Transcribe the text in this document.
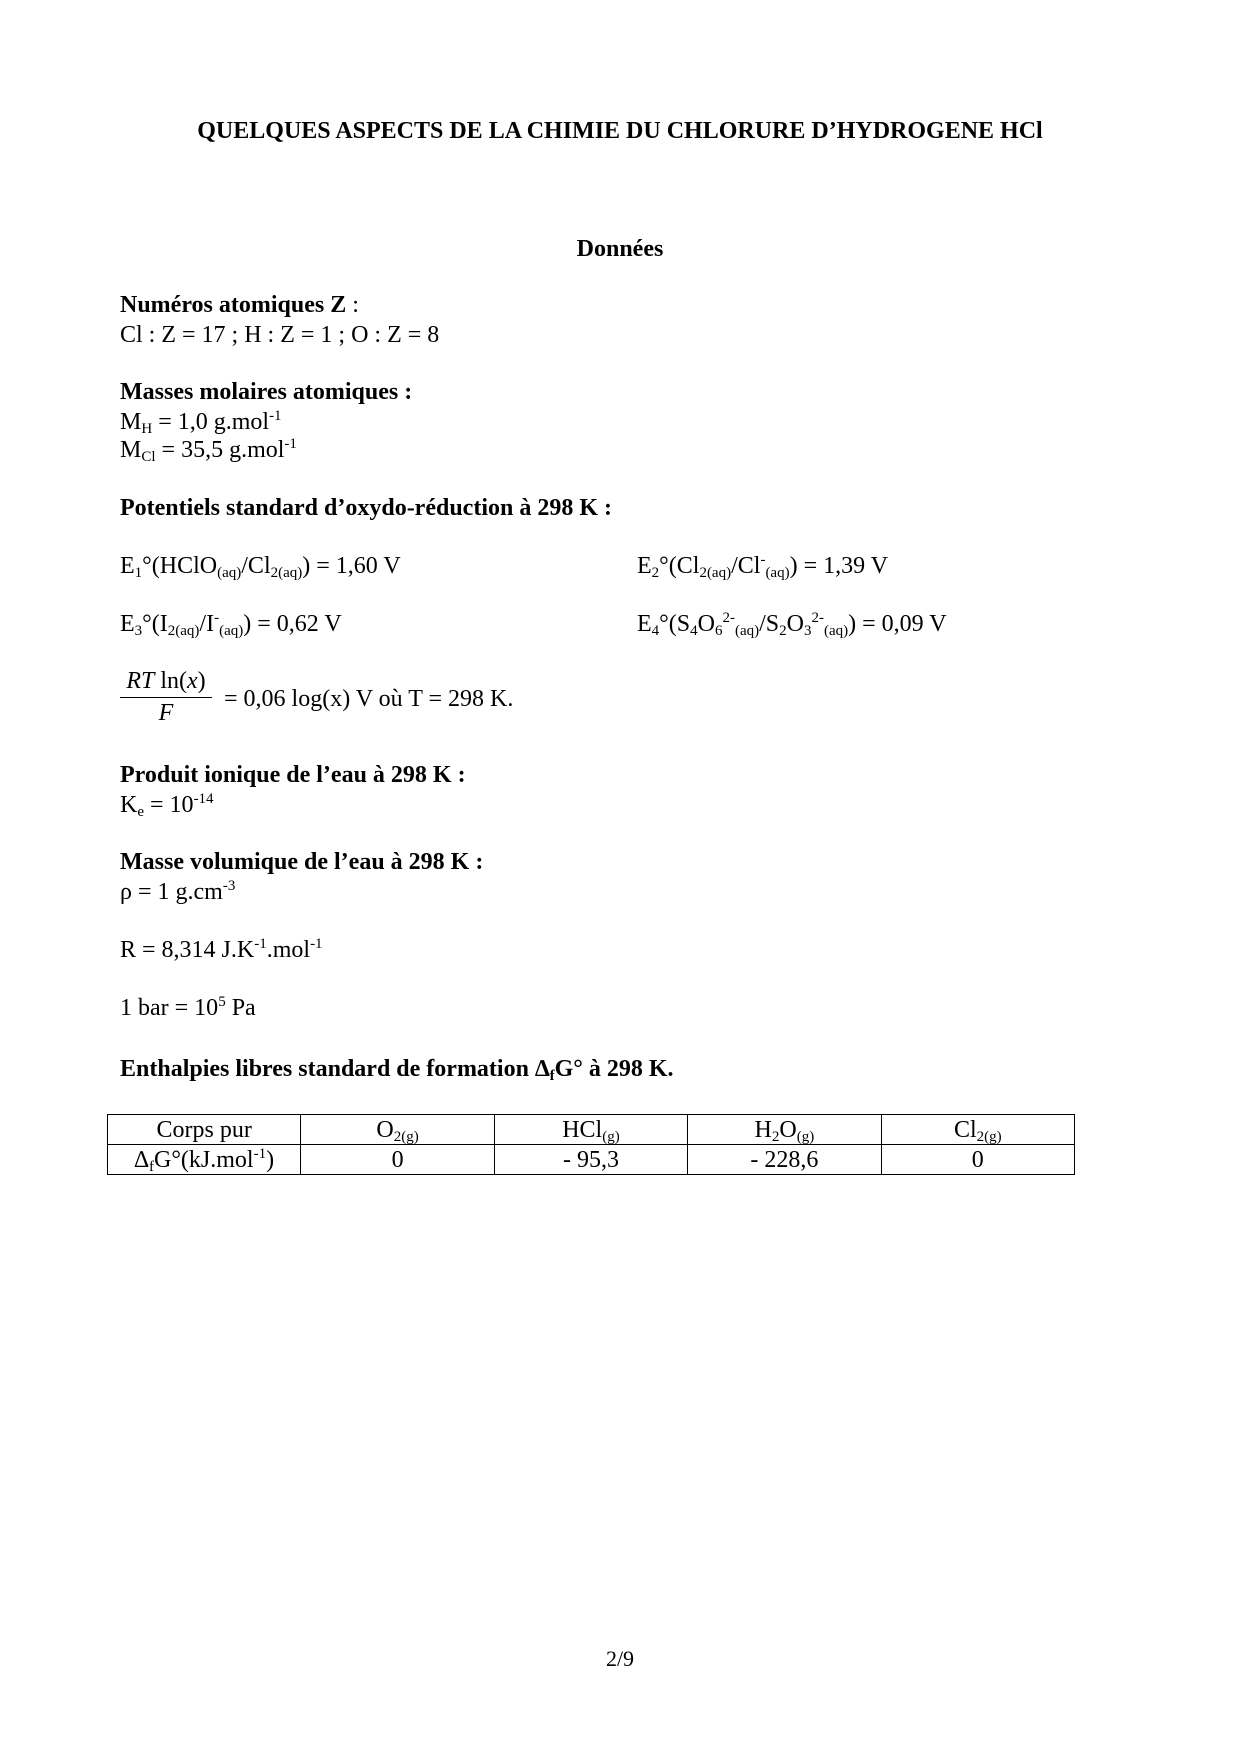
QUELQUES ASPECTS DE LA CHIMIE DU CHLORURE D’HYDROGENE HCl
Données
Numéros atomiques Z :
Cl : Z = 17 ; H : Z = 1 ; O : Z = 8
Masses molaires atomiques :
$M_H = 1,0$ g.mol$^{-1}$
$M_{Cl} = 35,5$ g.mol$^{-1}$
Potentiels standard d’oxydo-réduction à 298 K :
$E_1^\circ(HClO_{(aq)}/Cl_{2(aq)}) = 1,60$ V	$E_2^\circ(Cl_{2(aq)}/Cl^-_{(aq)}) = 1,39$ V
$E_3^\circ(I_{2(aq)}/I^-_{(aq)}) = 0,62$ V	$E_4^\circ(S_4O_6^{2-}_{(aq)}/S_2O_3^{2-}_{(aq)}) = 0,09$ V
RT ln(x)
F
= 0,06 log(x) V où T = 298 K.
Produit ionique de l’eau à 298 K :
$K_e = 10^{-14}$
Masse volumique de l’eau à 298 K :
ρ = 1 $g.cm^{-3}$
R = 8,314 $J.K^{-1}.mol^{-1}$
1 bar = $10^5$ Pa
Enthalpies libres standard de formation $\Delta_fG^\circ$ à 298 K.
Corps pur	$O_{2(g)}$	HCl$_{(g)}$	$H_2O_{(g)}$	$Cl_{2(g)}$
$\Delta_fG^\circ(kJ.mol^{-1})$	0	- 95,3	- 228,6	0
2/9
